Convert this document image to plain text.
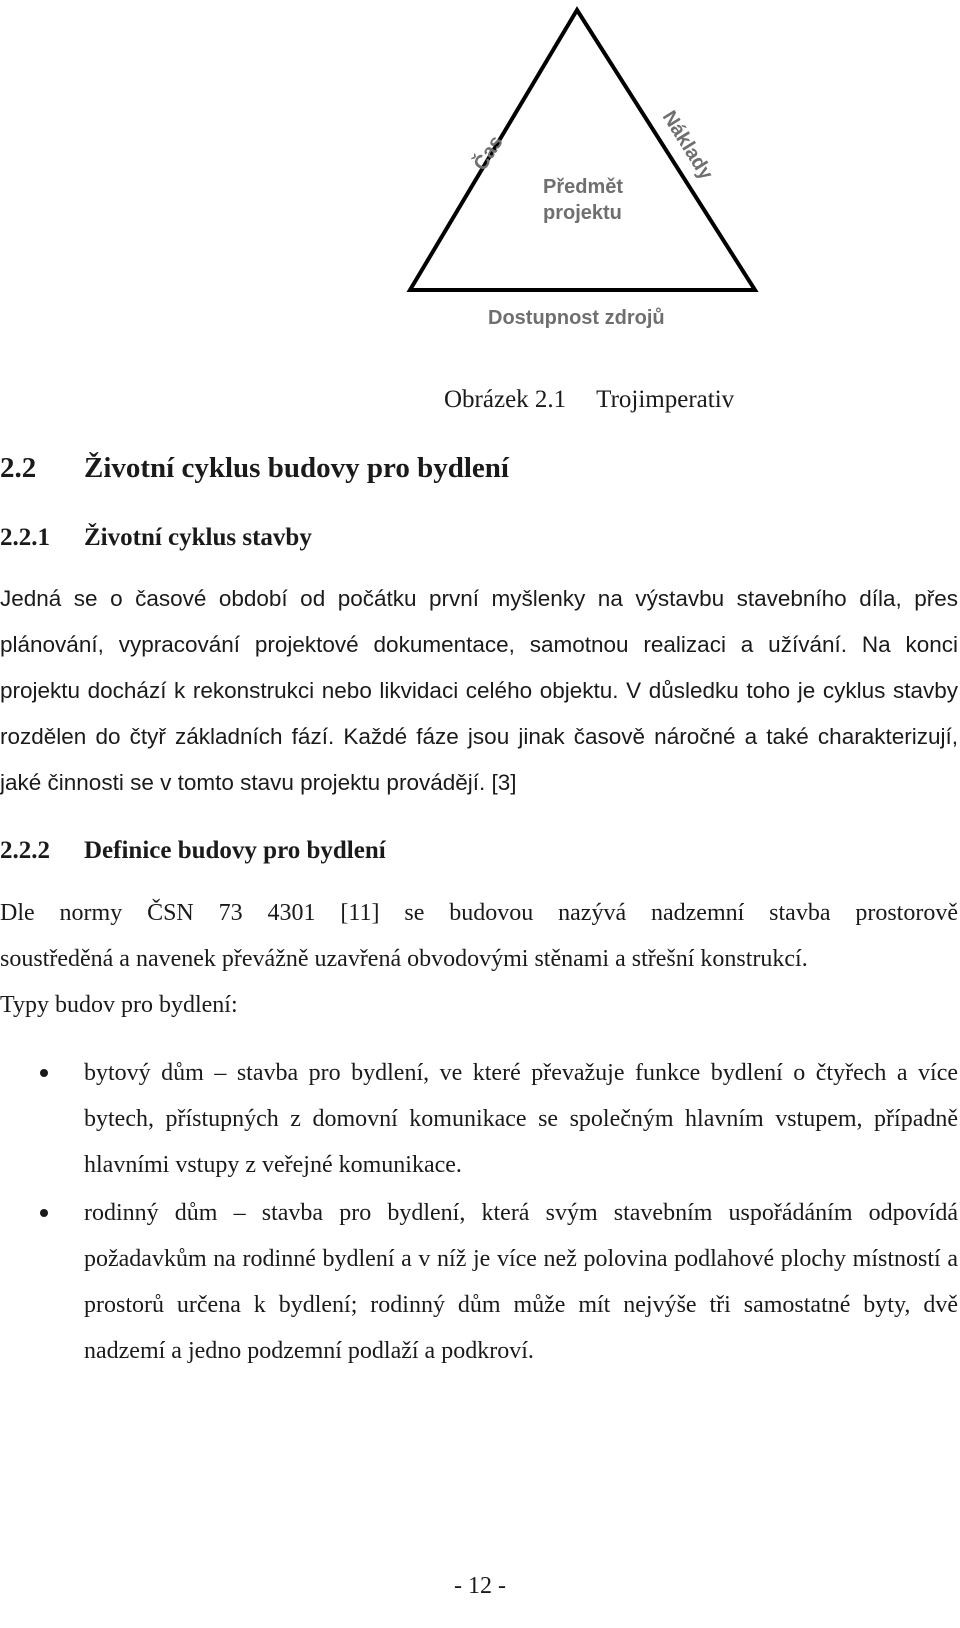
Čas	Náklady
Předmět
projektu
Dostupnost zdrojů
Obrázek 2.1 Trojimperativ
2.2 Životní cyklus budovy pro bydlení
2.2.1 Životní cyklus stavby

Jedná se o časové období od počátku první myšlenky na výstavbu stavebního díla, přes plánování, vypracování projektové dokumentace, samotnou realizaci a užívání. Na konci projektu dochází k rekonstrukci nebo likvidaci celého objektu. V důsledku toho je cyklus stavby rozdělen do čtyř základních fází. Každé fáze jsou jinak časově náročné a také charakterizují, jaké činnosti se v tomto stavu projektu provádějí. [3]

2.2.2 Definice budovy pro bydlení
Dle normy ČSN 73 4301 [11] se budovou nazývá nadzemní stavba prostorově
soustředěná a navenek převážně uzavřená obvodovými stěnami a střešní konstrukcí.
Typy budov pro bydlení:
bytový dům – stavba pro bydlení, ve které převažuje funkce bydlení o čtyřech a více bytech, přístupných z domovní komunikace se společným hlavním vstupem, případně hlavními vstupy z veřejné komunikace.
rodinný dům – stavba pro bydlení, která svým stavebním uspořádáním odpovídá požadavkům na rodinné bydlení a v níž je více než polovina podlahové plochy místností a prostorů určena k bydlení; rodinný dům může mít nejvýše tři samostatné byty, dvě nadzemí a jedno podzemní podlaží a podkroví.
- 12 -
